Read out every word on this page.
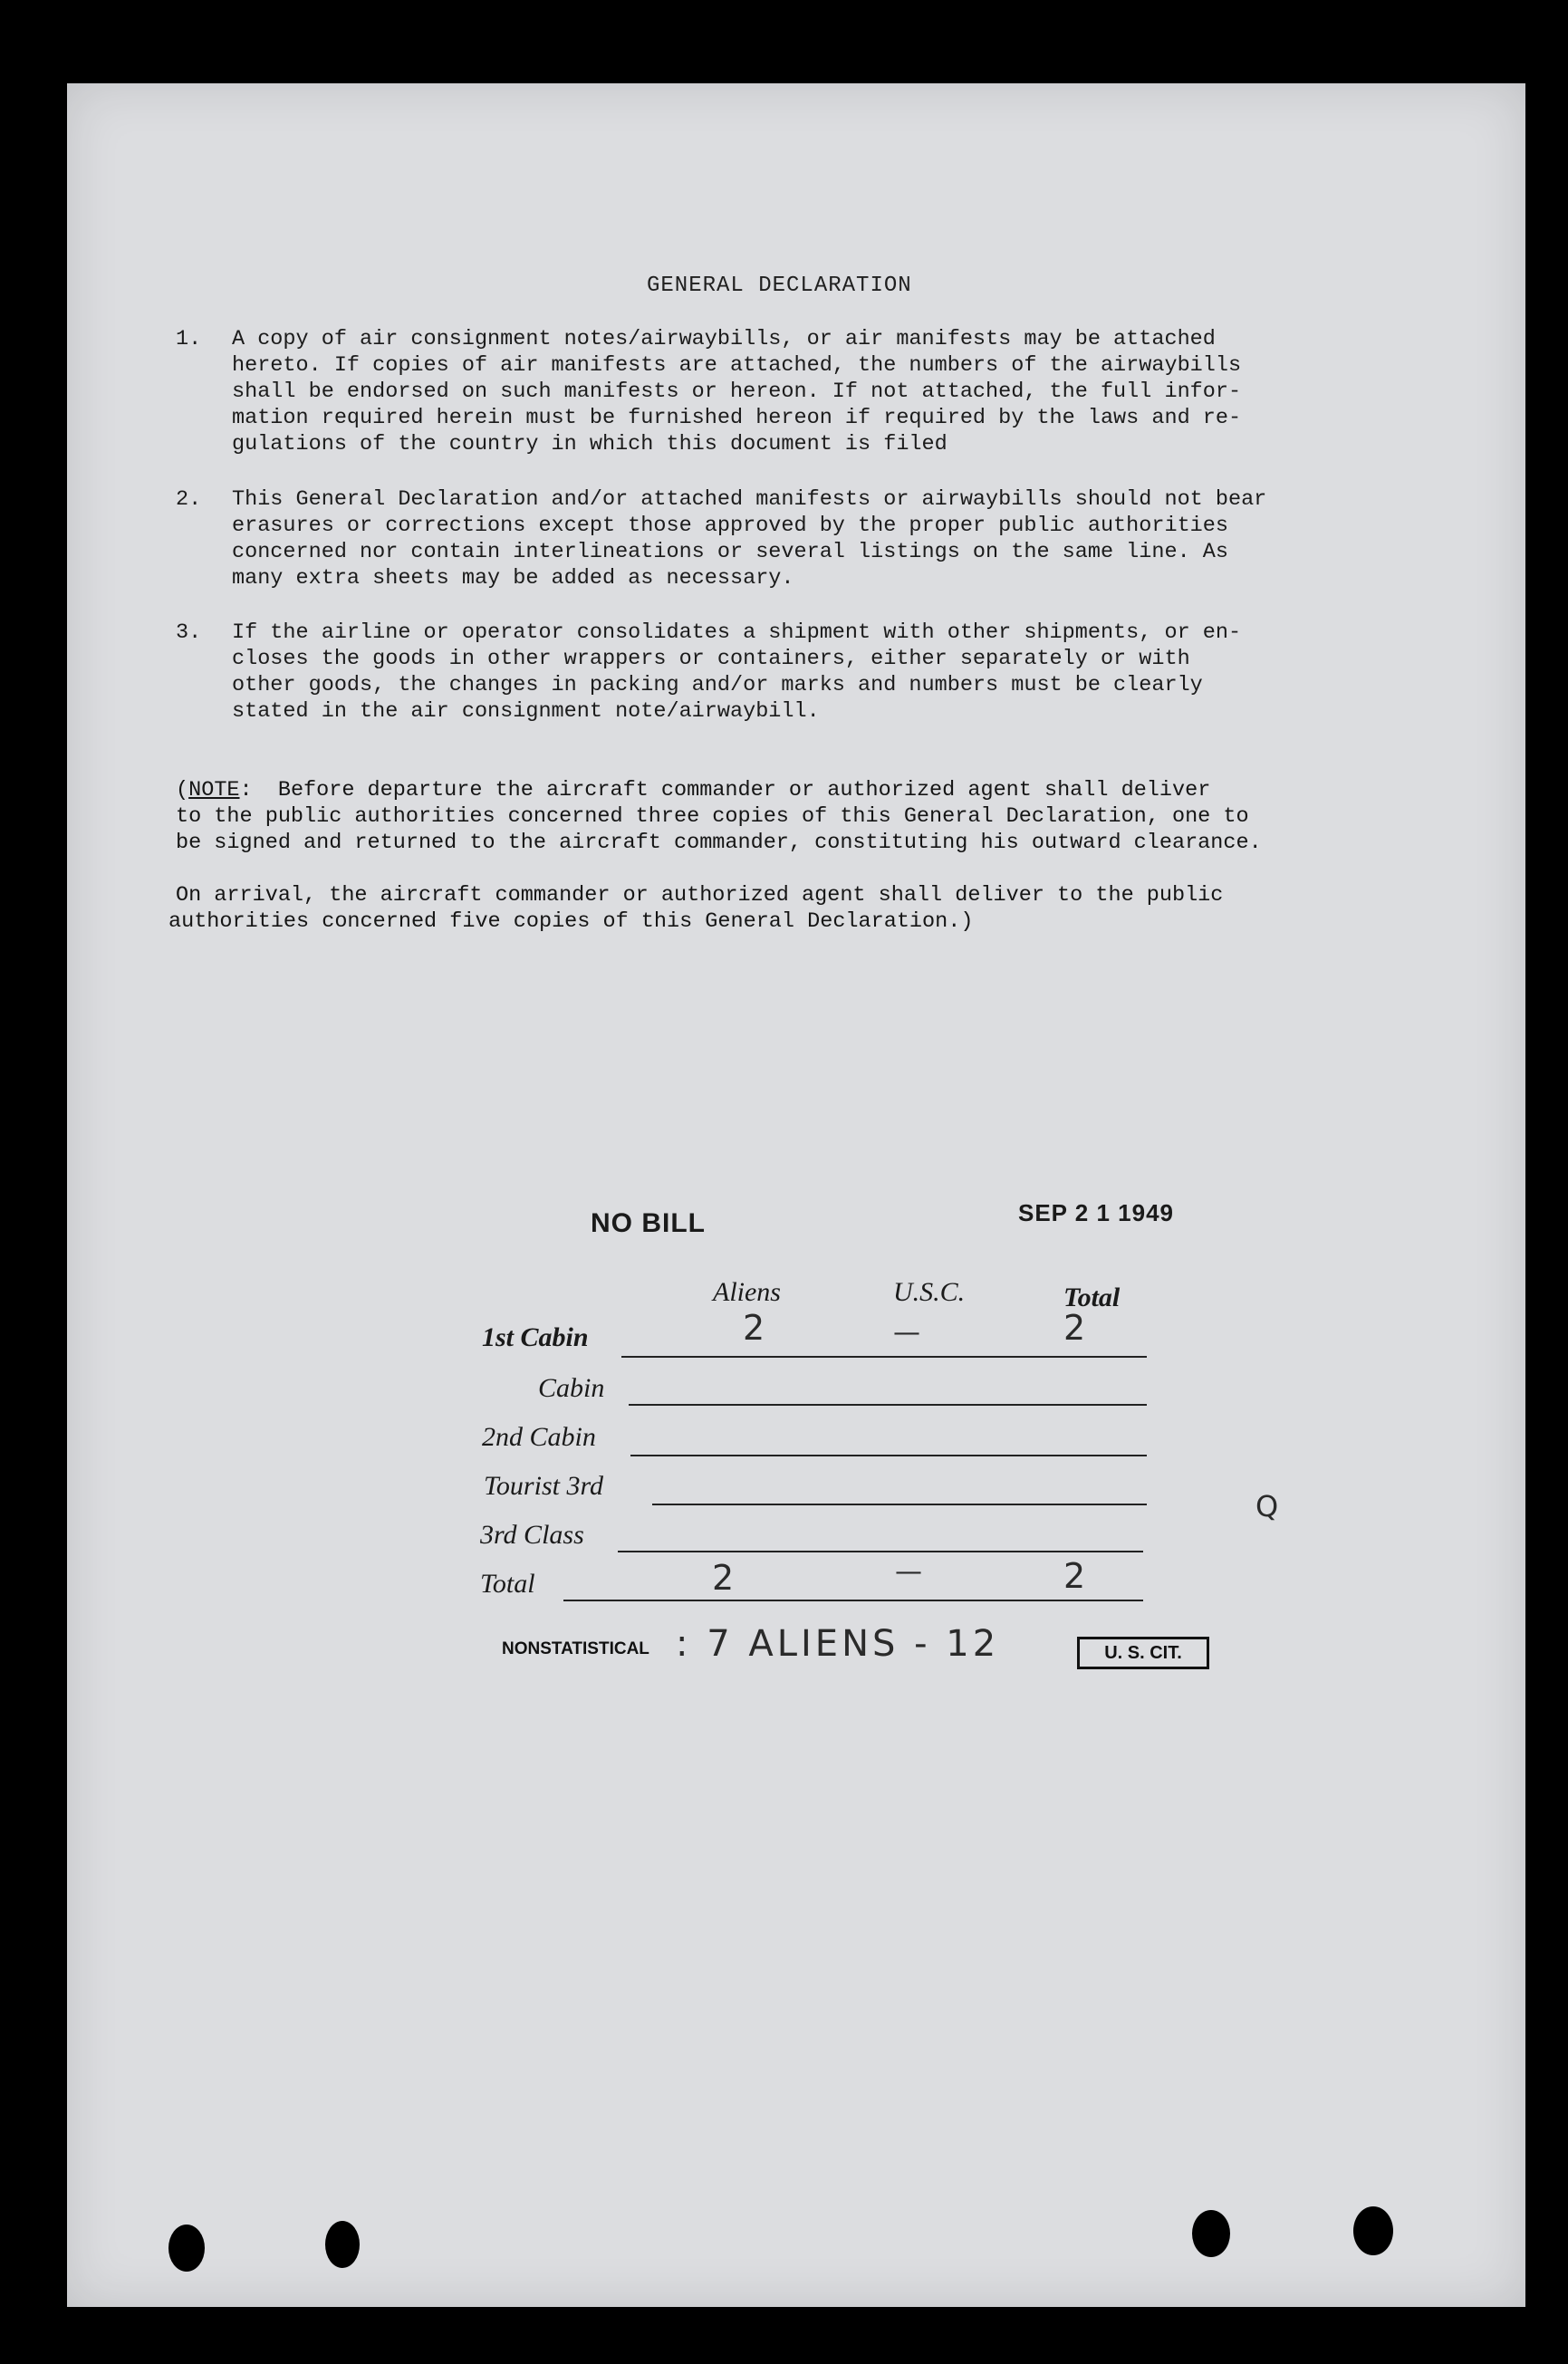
GENERAL DECLARATION
1. A copy of air consignment notes/airwaybills, or air manifests may be attached
hereto. If copies of air manifests are attached, the numbers of the airwaybills
shall be endorsed on such manifests or hereon. If not attached, the full infor-
mation required herein must be furnished hereon if required by the laws and re-
gulations of the country in which this document is filed
2. This General Declaration and/or attached manifests or airwaybills should not bear
erasures or corrections except those approved by the proper public authorities
concerned nor contain interlineations or several listings on the same line. As
many extra sheets may be added as necessary.
3. If the airline or operator consolidates a shipment with other shipments, or en-
closes the goods in other wrappers or containers, either separately or with
other goods, the changes in packing and/or marks and numbers must be clearly
stated in the air consignment note/airwaybill.
(NOTE:  Before departure the aircraft commander or authorized agent shall deliver
to the public authorities concerned three copies of this General Declaration, one to
be signed and returned to the aircraft commander, constituting his outward clearance.
On arrival, the aircraft commander or authorized agent shall deliver to the public
authorities concerned five copies of this General Declaration.)
NO BILL	SEP 2 1 1949
Aliens	U.S.C.	Total
1st Cabin	2	—	2
Cabin
2nd Cabin
Tourist 3rd
3rd Class
Total	2	—	2
NONSTATISTICAL : 7 ALIENS - 12	U. S. CIT.
Q
